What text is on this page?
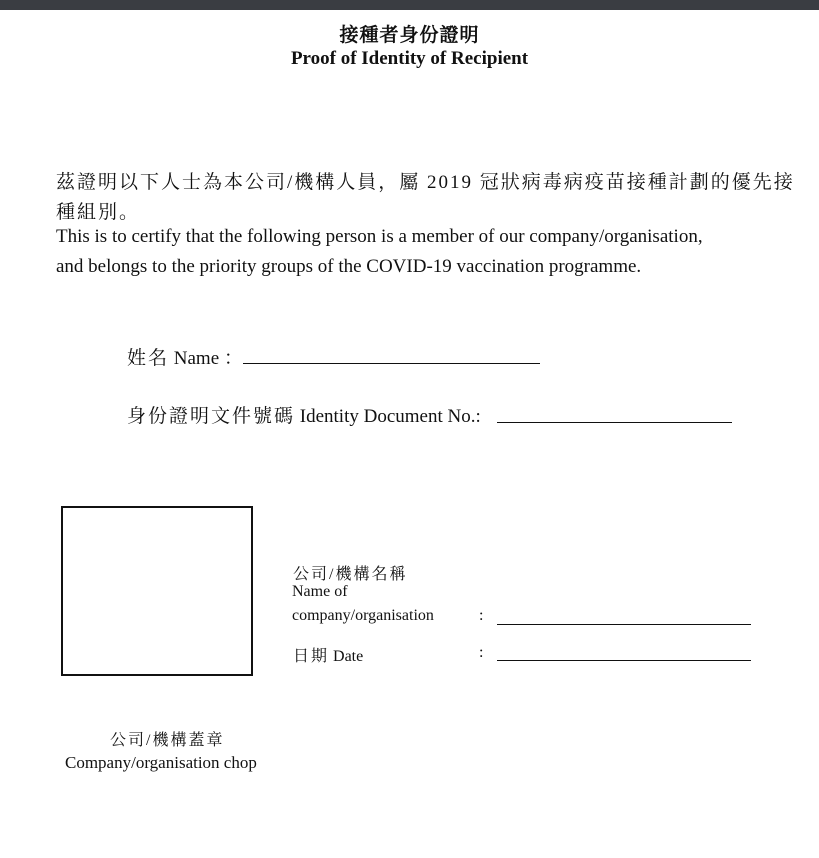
接種者身份證明
Proof of Identity of Recipient
茲證明以下人士為本公司/機構人員，屬 2019 冠狀病毒病疫苗接種計劃的優先接
種組別。
This is to certify that the following person is a member of our company/organisation,
and belongs to the priority groups of the COVID-19 vaccination programme.
姓名 Name ：
身份證明文件號碼 Identity Document No.:
公司/機構蓋章
Company/organisation chop
公司/機構名稱
Name of
company/organisation	:
日期 Date	:
